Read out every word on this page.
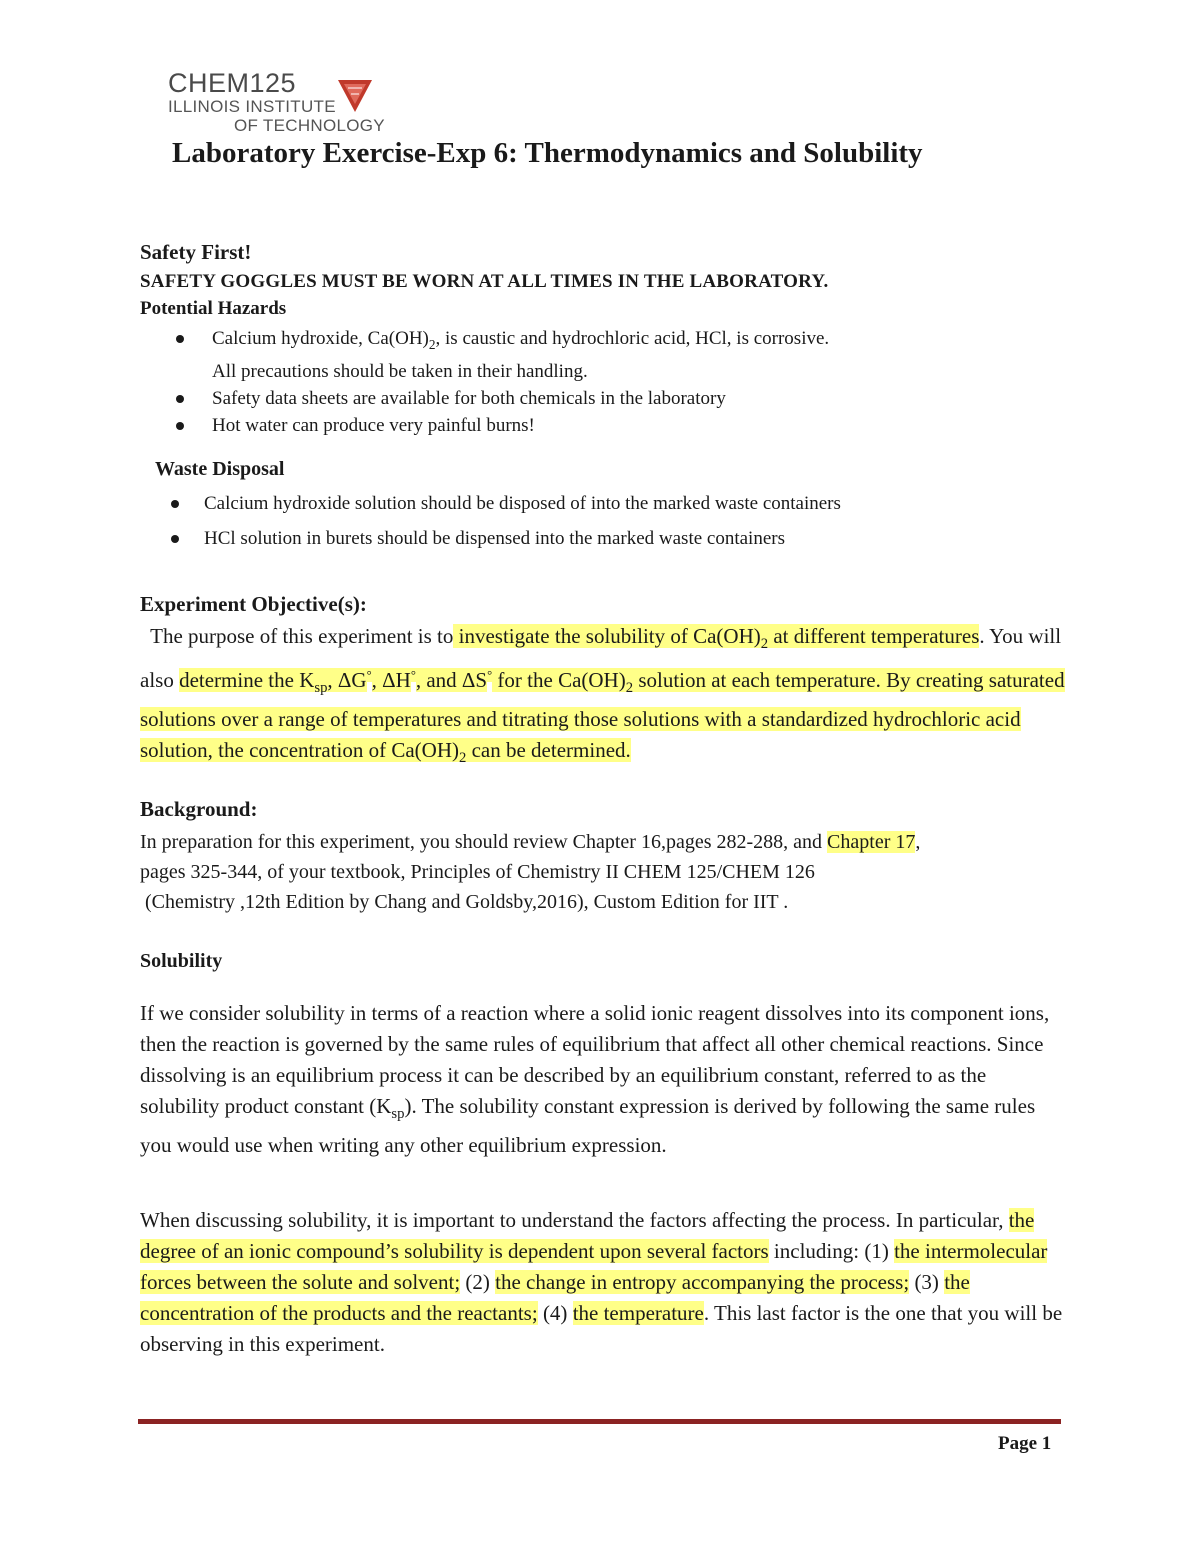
CHEM125
ILLINOIS INSTITUTE
OF TECHNOLOGY
Laboratory Exercise-Exp 6: Thermodynamics and Solubility
Safety First!
SAFETY GOGGLES MUST BE WORN AT ALL TIMES IN THE LABORATORY.
Potential Hazards
Calcium hydroxide, $Ca(OH)_2$, is caustic and hydrochloric acid, HCl, is corrosive.
All precautions should be taken in their handling.
Safety data sheets are available for both chemicals in the laboratory
Hot water can produce very painful burns!
Waste Disposal
Calcium hydroxide solution should be disposed of into the marked waste containers
HCl solution in burets should be dispensed into the marked waste containers
Experiment Objective(s):

The purpose of this experiment is to investigate the solubility of $Ca(OH)_2$ at different temperatures. You will also determine the $K_{sp}$, ΔG°, ΔH°, and ΔS° for the $Ca(OH)_2$ solution at each temperature. By creating saturated solutions over a range of temperatures and titrating those solutions with a standardized hydrochloric acid solution, the concentration of $Ca(OH)_2$ can be determined.

Background:

In preparation for this experiment, you should review Chapter 16,pages 282-288, and Chapter 17,
pages 325-344, of your textbook, Principles of Chemistry II CHEM 125/CHEM 126
(Chemistry ,12th Edition by Chang and Goldsby,2016), Custom Edition for IIT .

Solubility

If we consider solubility in terms of a reaction where a solid ionic reagent dissolves into its component ions, then the reaction is governed by the same rules of equilibrium that affect all other chemical reactions. Since dissolving is an equilibrium process it can be described by an equilibrium constant, referred to as the solubility product constant $(K_{sp})$. The solubility constant expression is derived by following the same rules you would use when writing any other equilibrium expression.

When discussing solubility, it is important to understand the factors affecting the process. In particular, the degree of an ionic compound’s solubility is dependent upon several factors including: (1) the intermolecular forces between the solute and solvent; (2) the change in entropy accompanying the process; (3) the concentration of the products and the reactants; (4) the temperature. This last factor is the one that you will be observing in this experiment.

Page 1
